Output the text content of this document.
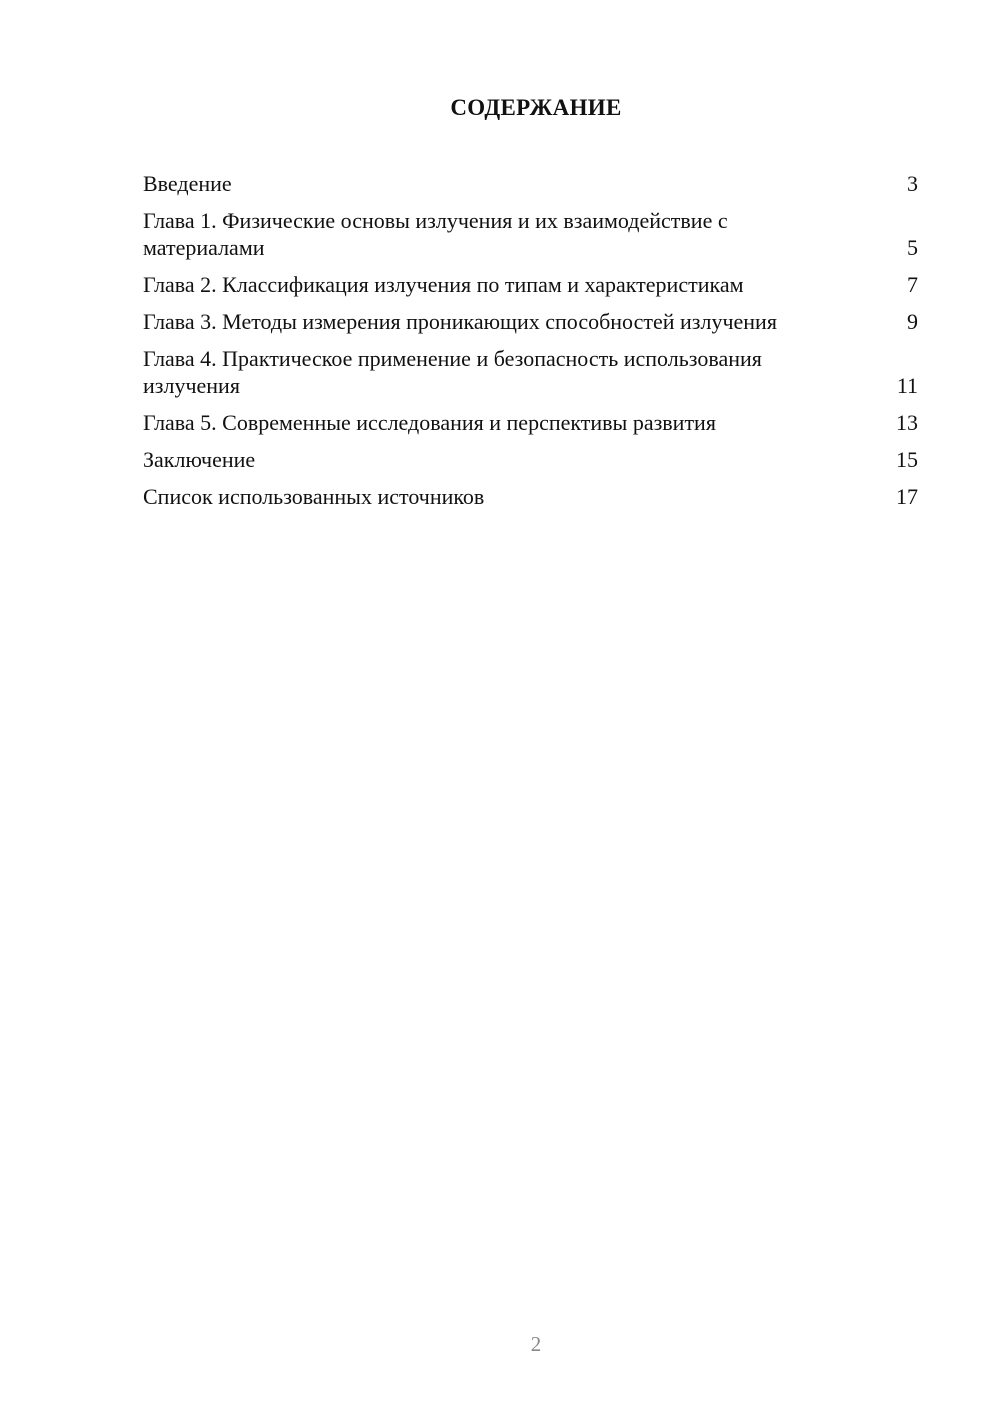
СОДЕРЖАНИЕ
Введение	3
Глава 1. Физические основы излучения и их взаимодействие с материалами	5
Глава 2. Классификация излучения по типам и характеристикам	7
Глава 3. Методы измерения проникающих способностей излучения	9
Глава 4. Практическое применение и безопасность использования излучения	11
Глава 5. Современные исследования и перспективы развития	13
Заключение	15
Список использованных источников	17
2
